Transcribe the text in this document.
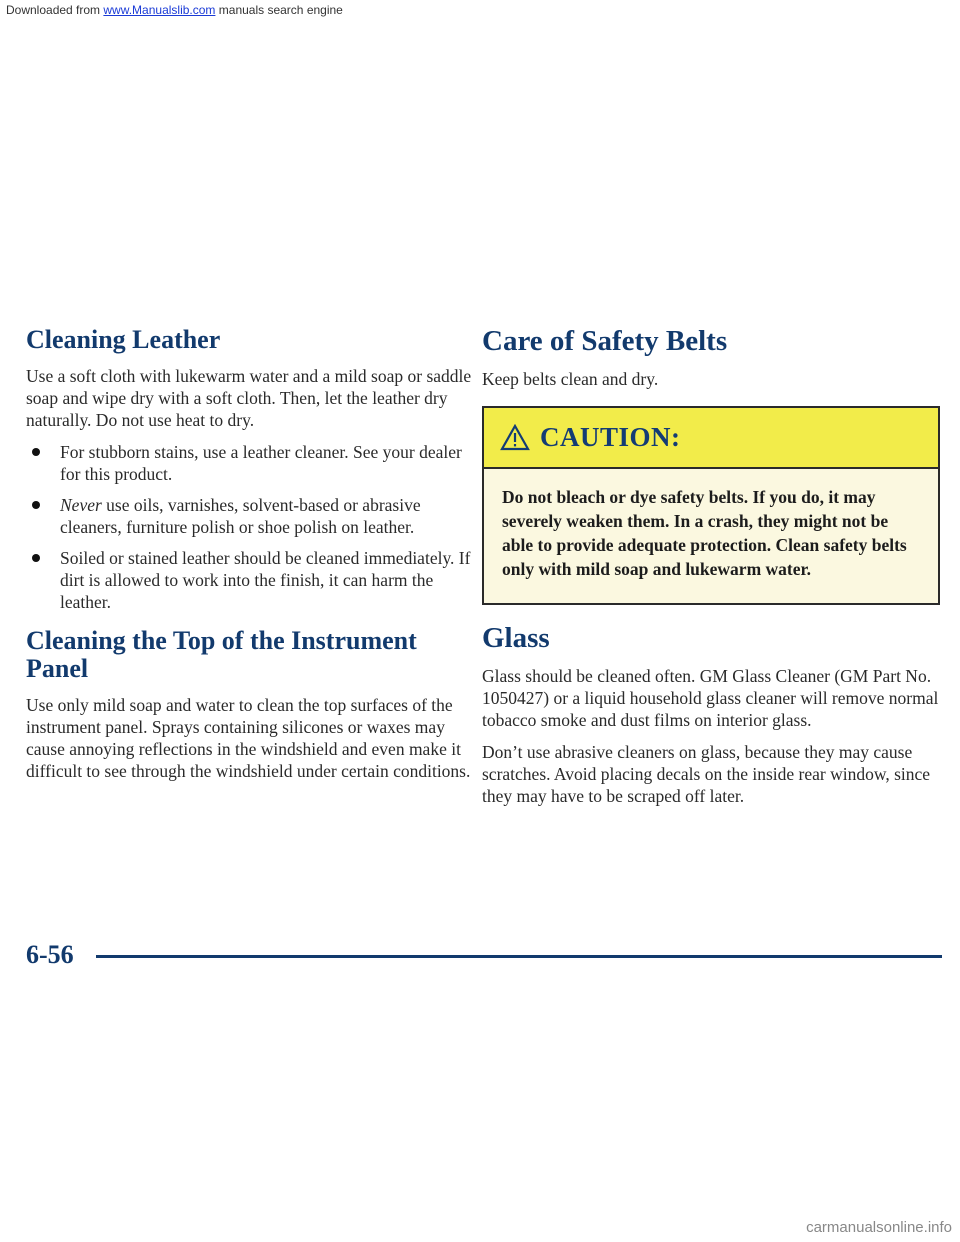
Downloaded from www.Manualslib.com manuals search engine
Cleaning Leather

Use a soft cloth with lukewarm water and a mild soap or saddle soap and wipe dry with a soft cloth. Then, let the leather dry naturally. Do not use heat to dry.

For stubborn stains, use a leather cleaner. See your dealer for this product.
Never use oils, varnishes, solvent-based or abrasive cleaners, furniture polish or shoe polish on leather.
Soiled or stained leather should be cleaned immediately. If dirt is allowed to work into the finish, it can harm the leather.
Cleaning the Top of the Instrument Panel

Use only mild soap and water to clean the top surfaces of the instrument panel. Sprays containing silicones or waxes may cause annoying reflections in the windshield and even make it difficult to see through the windshield under certain conditions.

Care of Safety Belts

Keep belts clean and dry.

CAUTION:
Do not bleach or dye safety belts. If you do, it may severely weaken them. In a crash, they might not be able to provide adequate protection. Clean safety belts only with mild soap and lukewarm water.
Glass

Glass should be cleaned often. GM Glass Cleaner (GM Part No. 1050427) or a liquid household glass cleaner will remove normal tobacco smoke and dust films on interior glass.

Don’t use abrasive cleaners on glass, because they may cause scratches. Avoid placing decals on the inside rear window, since they may have to be scraped off later.

6-56
carmanualsonline.info
